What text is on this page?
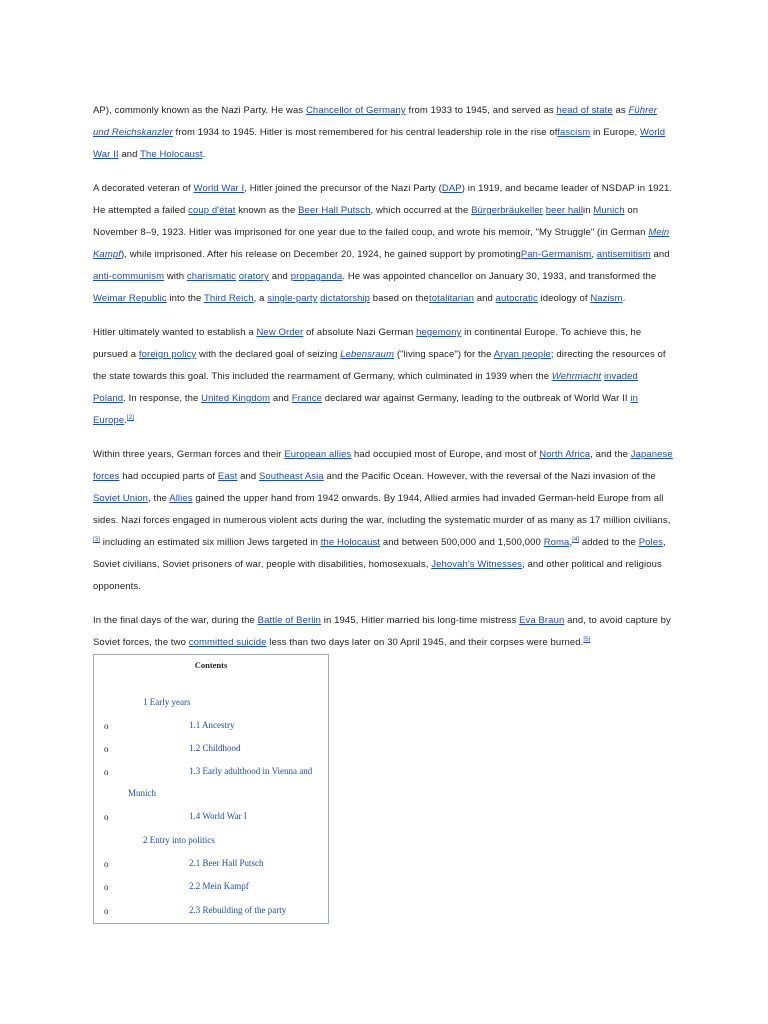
AP), commonly known as the Nazi Party. He was Chancellor of Germany from 1933 to 1945, and served as head of state as Führer und Reichskanzler from 1934 to 1945. Hitler is most remembered for his central leadership role in the rise offascism in Europe, World War II and The Holocaust.

A decorated veteran of World War I, Hitler joined the precursor of the Nazi Party (DAP) in 1919, and became leader of NSDAP in 1921. He attempted a failed coup d'état known as the Beer Hall Putsch, which occurred at the Bürgerbräukeller beer hallin Munich on November 8–9, 1923. Hitler was imprisoned for one year due to the failed coup, and wrote his memoir, "My Struggle" (in German Mein Kampf), while imprisoned. After his release on December 20, 1924, he gained support by promotingPan-Germanism, antisemitism and anti-communism with charismatic oratory and propaganda. He was appointed chancellor on January 30, 1933, and transformed the Weimar Republic into the Third Reich, a single-party dictatorship based on thetotalitarian and autocratic ideology of Nazism.

Hitler ultimately wanted to establish a New Order of absolute Nazi German hegemony in continental Europe. To achieve this, he pursued a foreign policy with the declared goal of seizing Lebensraum ("living space") for the Aryan people; directing the resources of the state towards this goal. This included the rearmament of Germany, which culminated in 1939 when the Wehrmacht invaded Poland. In response, the United Kingdom and France declared war against Germany, leading to the outbreak of World War II in Europe.[2]

Within three years, German forces and their European allies had occupied most of Europe, and most of North Africa, and the Japanese forces had occupied parts of East and Southeast Asia and the Pacific Ocean. However, with the reversal of the Nazi invasion of the Soviet Union, the Allies gained the upper hand from 1942 onwards. By 1944, Allied armies had invaded German-held Europe from all sides. Nazi forces engaged in numerous violent acts during the war, including the systematic murder of as many as 17 million civilians,[3] including an estimated six million Jews targeted in the Holocaust and between 500,000 and 1,500,000 Roma,[4] added to the Poles, Soviet civilians, Soviet prisoners of war, people with disabilities, homosexuals, Jehovah's Witnesses, and other political and religious opponents.

In the final days of the war, during the Battle of Berlin in 1945, Hitler married his long-time mistress Eva Braun and, to avoid capture by Soviet forces, the two committed suicide less than two days later on 30 April 1945, and their corpses were burned.[5]

Contents
1 Early years
o	1.1 Ancestry
o	1.2 Childhood
o	1.3 Early adulthood in Vienna and
Munich
o	1.4 World War I
2 Entry into politics
o	2.1 Beer Hall Putsch
o	2.2 Mein Kampf
o	2.3 Rebuilding of the party
